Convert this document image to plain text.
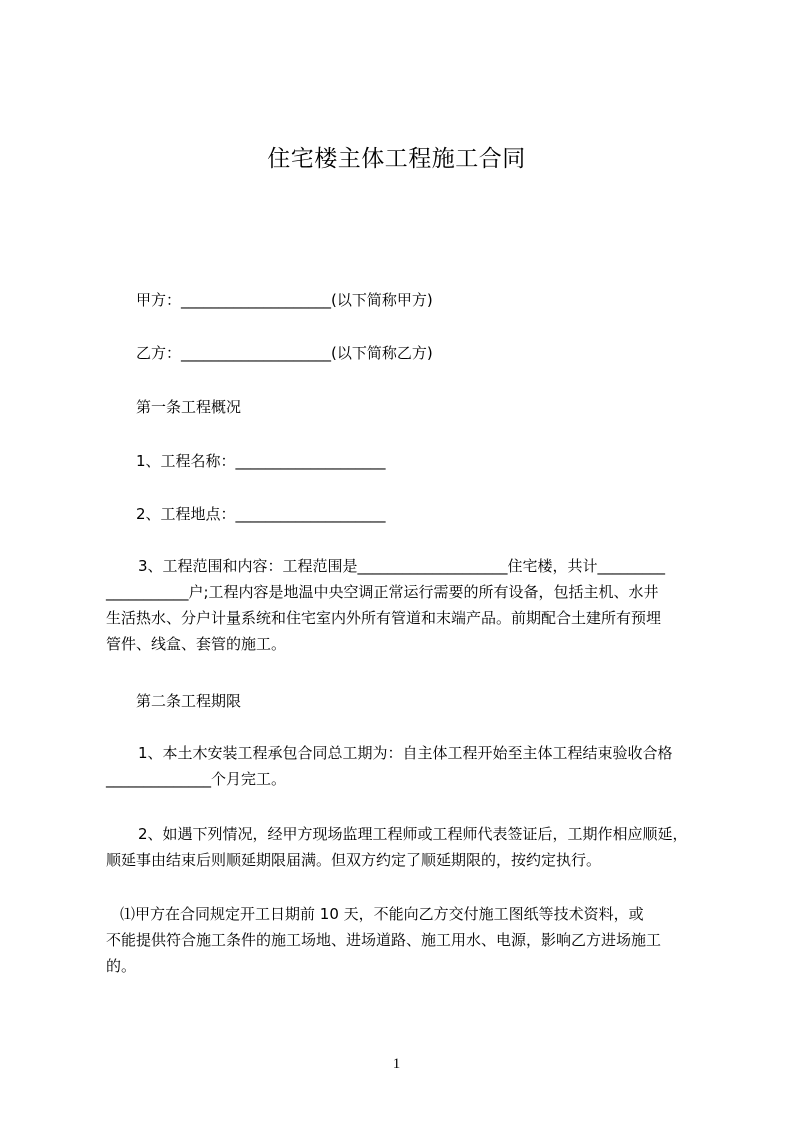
住宅楼主体工程施工合同
甲方：____________________(以下简称甲方)
乙方：____________________(以下简称乙方)
第一条工程概况
1、工程名称：____________________
2、工程地点：____________________
3、工程范围和内容：工程范围是____________________住宅楼，共计_________
___________户;工程内容是地温中央空调正常运行需要的所有设备，包括主机、水井
生活热水、分户计量系统和住宅室内外所有管道和末端产品。前期配合土建所有预埋
管件、线盒、套管的施工。
第二条工程期限
1、本土木安装工程承包合同总工期为：自主体工程开始至主体工程结束验收合格
______________个月完工。
2、如遇下列情况，经甲方现场监理工程师或工程师代表签证后，工期作相应顺延，
顺延事由结束后则顺延期限届满。但双方约定了顺延期限的，按约定执行。
⑴甲方在合同规定开工日期前 10 天，不能向乙方交付施工图纸等技术资料，或
不能提供符合施工条件的施工场地、进场道路、施工用水、电源，影响乙方进场施工
的。
1
